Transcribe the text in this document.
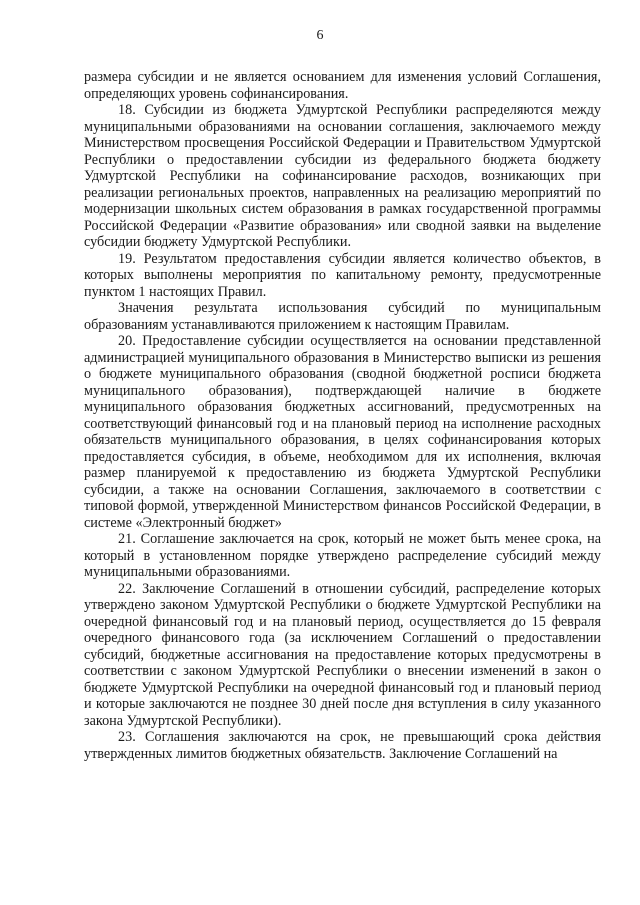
6

размера субсидии и не является основанием для изменения условий Соглашения, определяющих уровень софинансирования.

18. Субсидии из бюджета Удмуртской Республики распределяются между муниципальными образованиями на основании соглашения, заключаемого между Министерством просвещения Российской Федерации и Правительством Удмуртской Республики о предоставлении субсидии из федерального бюджета бюджету Удмуртской Республики на софинансирование расходов, возникающих при реализации региональных проектов, направленных на реализацию мероприятий по модернизации школьных систем образования в рамках государственной программы Российской Федерации «Развитие образования» или сводной заявки на выделение субсидии бюджету Удмуртской Республики.

19. Результатом предоставления субсидии является количество объектов, в которых выполнены мероприятия по капитальному ремонту, предусмотренные пунктом 1 настоящих Правил.

Значения результата использования субсидий по муниципальным образованиям устанавливаются приложением к настоящим Правилам.

20. Предоставление субсидии осуществляется на основании представленной администрацией муниципального образования в Министерство выписки из решения о бюджете муниципального образования (сводной бюджетной росписи бюджета муниципального образования), подтверждающей наличие в бюджете муниципального образования бюджетных ассигнований, предусмотренных на соответствующий финансовый год и на плановый период на исполнение расходных обязательств муниципального образования, в целях софинансирования которых предоставляется субсидия, в объеме, необходимом для их исполнения, включая размер планируемой к предоставлению из бюджета Удмуртской Республики субсидии, а также на основании Соглашения, заключаемого в соответствии с типовой формой, утвержденной Министерством финансов Российской Федерации, в системе «Электронный бюджет»

21. Соглашение заключается на срок, который не может быть менее срока, на который в установленном порядке утверждено распределение субсидий между муниципальными образованиями.

22. Заключение Соглашений в отношении субсидий, распределение которых утверждено законом Удмуртской Республики о бюджете Удмуртской Республики на очередной финансовый год и на плановый период, осуществляется до 15 февраля очередного финансового года (за исключением Соглашений о предоставлении субсидий, бюджетные ассигнования на предоставление которых предусмотрены в соответствии с законом Удмуртской Республики о внесении изменений в закон о бюджете Удмуртской Республики на очередной финансовый год и плановый период и которые заключаются не позднее 30 дней после дня вступления в силу указанного закона Удмуртской Республики).

23. Соглашения заключаются на срок, не превышающий срока действия утвержденных лимитов бюджетных обязательств. Заключение Соглашений на
